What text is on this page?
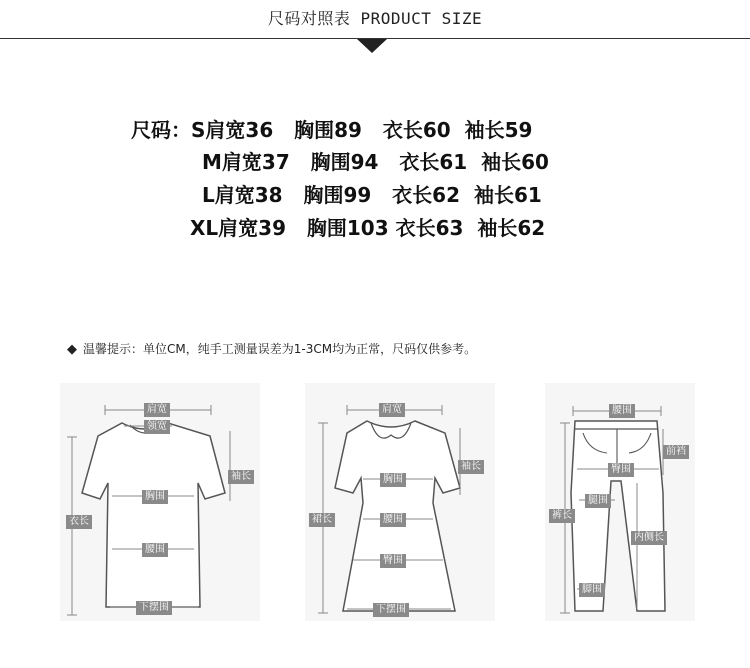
尺码对照表 PRODUCT SIZE
尺码：S肩宽36   胸围89   衣长60  袖长59
M肩宽37   胸围94   衣长61  袖长60
L肩宽38   胸围99   衣长62  袖长61
XL肩宽39   胸围103 衣长63  袖长62
◆ 温馨提示：单位CM，纯手工测量误差为1-3CM均为正常，尺码仅供参考。
肩宽
领宽
袖长
衣长
胸围
腰围
下摆围
肩宽
袖长
裙长
胸围
腰围
臀围
下摆围
腰围
前裆
臀围
腿围
裤长
内侧长
脚围
